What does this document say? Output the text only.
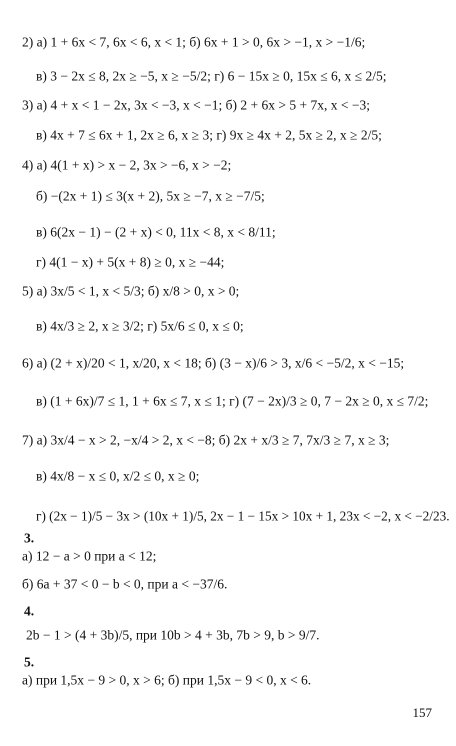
2) а) 1 + 6x < 7, 6x < 6, x < 1; б) 6x + 1 > 0, 6x > −1, x > −1/6;
в) 3 − 2x ≤ 8, 2x ≥ −5, x ≥ −5/2; г) 6 − 15x ≥ 0, 15x ≤ 6, x ≤ 2/5;
3) а) 4 + x < 1 − 2x, 3x < −3, x < −1; б) 2 + 6x > 5 + 7x, x < −3;
в) 4x + 7 ≤ 6x + 1, 2x ≥ 6, x ≥ 3; г) 9x ≥ 4x + 2, 5x ≥ 2, x ≥ 2/5;
4) а) 4(1 + x) > x − 2, 3x > −6, x > −2;
б) −(2x + 1) ≤ 3(x + 2), 5x ≥ −7, x ≥ −7/5;
в) 6(2x − 1) − (2 + x) < 0, 11x < 8, x < 8/11;
г) 4(1 − x) + 5(x + 8) ≥ 0, x ≥ −44;
5) а) 3x/5 < 1, x < 5/3; б) x/8 > 0, x > 0;
в) 4x/3 ≥ 2, x ≥ 3/2; г) 5x/6 ≤ 0, x ≤ 0;
6) а) (2 + x)/20 < 1, x/20, x < 18; б) (3 − x)/6 > 3, x/6 < −5/2, x < −15;
в) (1 + 6x)/7 ≤ 1, 1 + 6x ≤ 7, x ≤ 1; г) (7 − 2x)/3 ≥ 0, 7 − 2x ≥ 0, x ≤ 7/2;
7) а) 3x/4 − x > 2, −x/4 > 2, x < −8; б) 2x + x/3 ≥ 7, 7x/3 ≥ 7, x ≥ 3;
в) 4x/8 − x ≤ 0, x/2 ≤ 0, x ≥ 0;
г) (2x − 1)/5 − 3x > (10x + 1)/5, 2x − 1 − 15x > 10x + 1, 23x < −2, x < −2/23.
3.
а) 12 − a > 0 при a < 12;
б) 6a + 37 < 0 − b < 0, при a < −37/6.
4.
2b − 1 > (4 + 3b)/5, при 10b > 4 + 3b, 7b > 9, b > 9/7.
5.
а) при 1,5x − 9 > 0, x > 6; б) при 1,5x − 9 < 0, x < 6.
157
